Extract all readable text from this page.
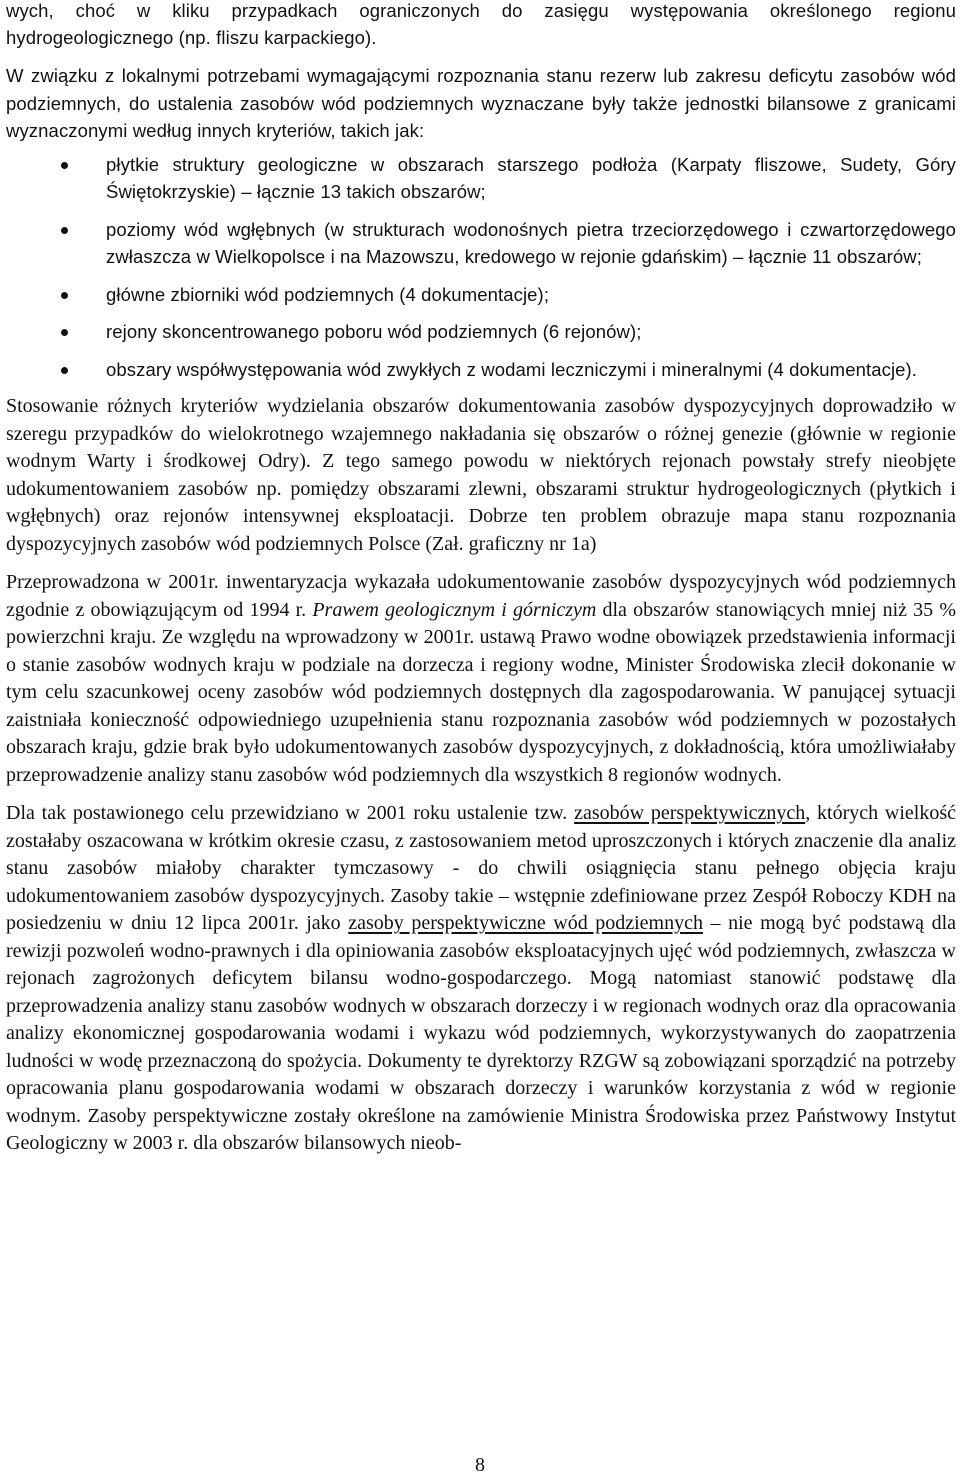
wych, choć w kliku przypadkach ograniczonych do zasięgu występowania określonego regionu hydrogeologicznego (np. fliszu karpackiego).

W związku z lokalnymi potrzebami wymagającymi rozpoznania stanu rezerw lub zakresu deficytu zasobów wód podziemnych, do ustalenia zasobów wód podziemnych wyznaczane były także jednostki bilansowe z granicami wyznaczonymi według innych kryteriów, takich jak:

płytkie struktury geologiczne w obszarach starszego podłoża (Karpaty fliszowe, Sudety, Góry Świętokrzyskie) – łącznie 13 takich obszarów;
poziomy wód wgłębnych (w strukturach wodonośnych pietra trzeciorzędowego i czwartorzędowego zwłaszcza w Wielkopolsce i na Mazowszu, kredowego w rejonie gdańskim) – łącznie 11 obszarów;
główne zbiorniki wód podziemnych (4 dokumentacje);
rejony skoncentrowanego poboru wód podziemnych (6 rejonów);
obszary współwystępowania wód zwykłych z wodami leczniczymi i mineralnymi (4 dokumentacje).

Stosowanie różnych kryteriów wydzielania obszarów dokumentowania zasobów dyspozycyjnych doprowadziło w szeregu przypadków do wielokrotnego wzajemnego nakładania się obszarów o różnej genezie (głównie w regionie wodnym Warty i środkowej Odry). Z tego samego powodu w niektórych rejonach powstały strefy nieobjęte udokumentowaniem zasobów np. pomiędzy obszarami zlewni, obszarami struktur hydrogeologicznych (płytkich i wgłębnych) oraz rejonów intensywnej eksploatacji. Dobrze ten problem obrazuje mapa stanu rozpoznania dyspozycyjnych zasobów wód podziemnych Polsce (Zał. graficzny nr 1a)

Przeprowadzona w 2001r. inwentaryzacja wykazała udokumentowanie zasobów dyspozycyjnych wód podziemnych zgodnie z obowiązującym od 1994 r. Prawem geologicznym i górniczym dla obszarów stanowiących mniej niż 35 % powierzchni kraju. Ze względu na wprowadzony w 2001r. ustawą Prawo wodne obowiązek przedstawienia informacji o stanie zasobów wodnych kraju w podziale na dorzecza i regiony wodne, Minister Środowiska zlecił dokonanie w tym celu szacunkowej oceny zasobów wód podziemnych dostępnych dla zagospodarowania. W panującej sytuacji zaistniała konieczność odpowiedniego uzupełnienia stanu rozpoznania zasobów wód podziemnych w pozostałych obszarach kraju, gdzie brak było udokumentowanych zasobów dyspozycyjnych, z dokładnością, która umożliwiałaby przeprowadzenie analizy stanu zasobów wód podziemnych dla wszystkich 8 regionów wodnych.

Dla tak postawionego celu przewidziano w 2001 roku ustalenie tzw. zasobów perspektywicznych, których wielkość zostałaby oszacowana w krótkim okresie czasu, z zastosowaniem metod uproszczonych i których znaczenie dla analiz stanu zasobów miałoby charakter tymczasowy - do chwili osiągnięcia stanu pełnego objęcia kraju udokumentowaniem zasobów dyspozycyjnych. Zasoby takie – wstępnie zdefiniowane przez Zespół Roboczy KDH na posiedzeniu w dniu 12 lipca 2001r. jako zasoby perspektywiczne wód podziemnych – nie mogą być podstawą dla rewizji pozwoleń wodno-prawnych i dla opiniowania zasobów eksploatacyjnych ujęć wód podziemnych, zwłaszcza w rejonach zagrożonych deficytem bilansu wodno-gospodarczego. Mogą natomiast stanowić podstawę dla przeprowadzenia analizy stanu zasobów wodnych w obszarach dorzeczy i w regionach wodnych oraz dla opracowania analizy ekonomicznej gospodarowania wodami i wykazu wód podziemnych, wykorzystywanych do zaopatrzenia ludności w wodę przeznaczoną do spożycia. Dokumenty te dyrektorzy RZGW są zobowiązani sporządzić na potrzeby opracowania planu gospodarowania wodami w obszarach dorzeczy i warunków korzystania z wód w regionie wodnym. Zasoby perspektywiczne zostały określone na zamówienie Ministra Środowiska przez Państwowy Instytut Geologiczny w 2003 r. dla obszarów bilansowych nieob-

8
